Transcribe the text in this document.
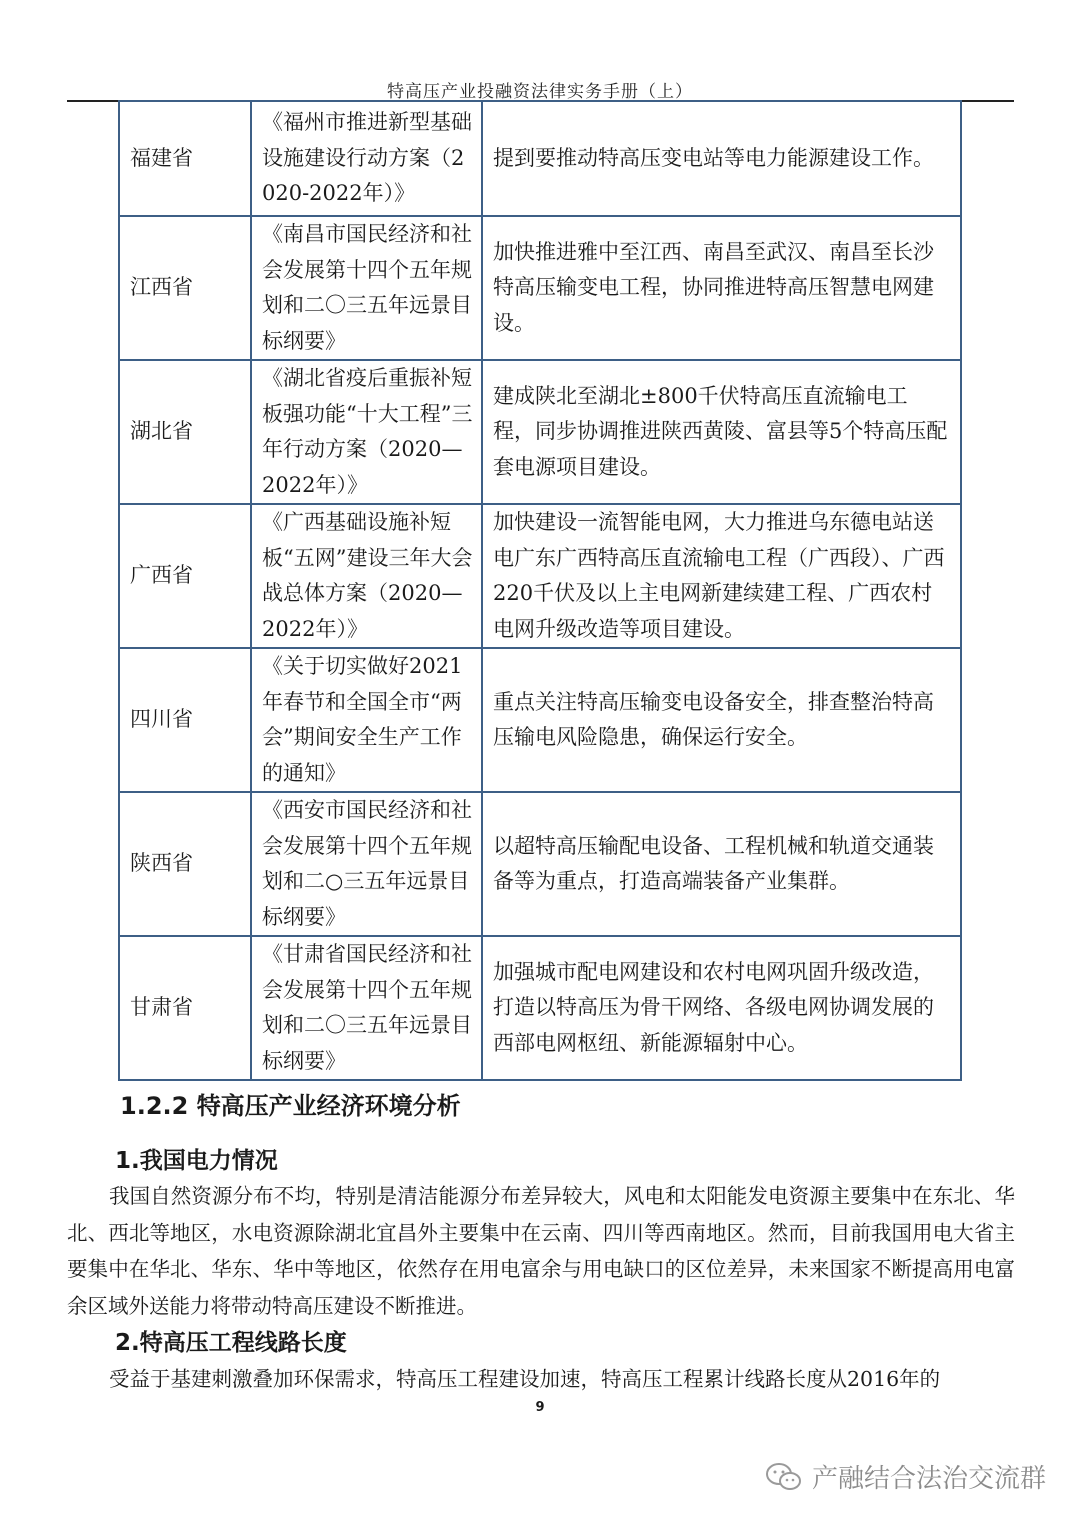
特高压产业投融资法律实务手册（上）
福建省	《福州市推进新型基础设施建设行动方案（2020-2022年）》	提到要推动特高压变电站等电力能源建设工作。
江西省	《南昌市国民经济和社会发展第十四个五年规划和二〇三五年远景目标纲要》	加快推进雅中至江西、南昌至武汉、南昌至长沙特高压输变电工程，协同推进特高压智慧电网建设。
湖北省	《湖北省疫后重振补短板强功能“十大工程”三年行动方案（2020—2022年）》	建成陕北至湖北±800千伏特高压直流输电工程，同步协调推进陕西黄陵、富县等5个特高压配套电源项目建设。
广西省	《广西基础设施补短板“五网”建设三年大会战总体方案（2020—2022年）》	加快建设一流智能电网，大力推进乌东德电站送电广东广西特高压直流输电工程（广西段）、广西220千伏及以上主电网新建续建工程、广西农村电网升级改造等项目建设。
四川省	《关于切实做好2021年春节和全国全市“两会”期间安全生产工作的通知》	重点关注特高压输变电设备安全，排查整治特高压输电风险隐患，确保运行安全。
陕西省	《西安市国民经济和社会发展第十四个五年规划和二○三五年远景目标纲要》	以超特高压输配电设备、工程机械和轨道交通装备等为重点，打造高端装备产业集群。
甘肃省	《甘肃省国民经济和社会发展第十四个五年规划和二〇三五年远景目标纲要》	加强城市配电网建设和农村电网巩固升级改造，打造以特高压为骨干网络、各级电网协调发展的西部电网枢纽、新能源辐射中心。
1.2.2 特高压产业经济环境分析
1.我国电力情况

我国自然资源分布不均，特别是清洁能源分布差异较大，风电和太阳能发电资源主要集中在东北、华北、西北等地区，水电资源除湖北宜昌外主要集中在云南、四川等西南地区。然而，目前我国用电大省主要集中在华北、华东、华中等地区，依然存在用电富余与用电缺口的区位差异，未来国家不断提高用电富余区域外送能力将带动特高压建设不断推进。

2.特高压工程线路长度

受益于基建刺激叠加环保需求，特高压工程建设加速，特高压工程累计线路长度从2016年的

9
产融结合法治交流群
